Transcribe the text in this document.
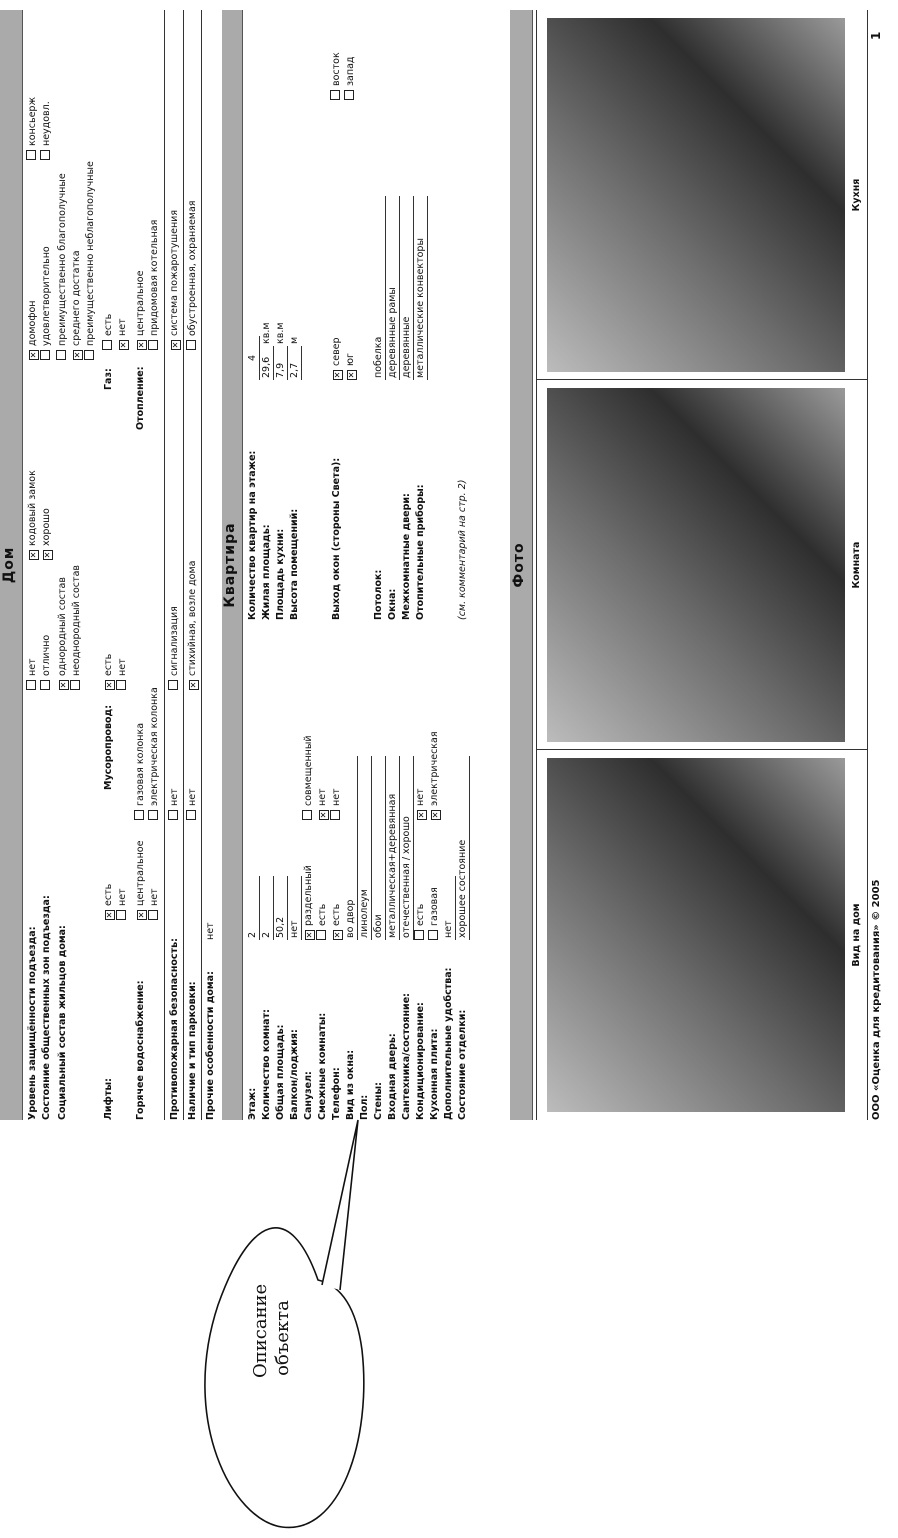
Дом
Уровень защищённости подъезда:
нет
✕кодовый замок
✕домофон
консьерж
Состояние общественных зон подъезда:
отлично
✕хорошо
удовлетворительно
неудовл.
Социальный состав жильцов дома:
✕однородный состав
преимущественно благополучные
неоднородный состав
✕среднего достатка преимущественно неблагополучные
Лифты:
✕есть
Мусоропровод:
✕есть
Газ:
есть
нет
нет
✕нет
Горячее водоснабжение:
✕центральное
газовая колонка
Отопление:
✕центральное
нет
электрическая колонка
придомовая котельная
Противопожарная безопасность:
нет
сигнализация
✕система пожаротушения
Наличие и тип парковки:
нет
✕стихийная, возле дома
обустроенная, охраняемая
Прочие особенности дома:
нет
Квартира
Этаж:
2
Количество комнат:
2
Общая площадь:
50,2
Балкон/лоджия:
нет
Санузел:
✕раздельный
совмещенный
Смежные комнаты:
есть
✕нет
Телефон:
✕есть
нет
Вид из окна:
во двор
Пол:
линолеум
Стены:
обои
Входная дверь:
металлическая+деревянная
Сантехника/состояние:
отечественная / хорошо
Кондиционирование:
есть
✕нет
Кухонная плита:
газовая
✕электрическая
Дополнительные удобства:
нет
Состояние отделки:
хорошее состояние
(см. комментарий на стр. 2)
Количество квартир на этаже:
4
Жилая площадь:
29,6
кв.м
Площадь кухни:
7,9
кв.м
Высота помещений:
2,7
м
Выход окон (стороны Света):
✕север
восток
✕юг
запад
Потолок:
побелка
Окна:
деревянные рамы
Межкомнатные двери:
деревянные
Отопительные приборы:
металлические конвекторы
Фото
Вид на дом
Комната
Кухня
ООО «Оценка для кредитования» © 2005
1
Описание объекта
